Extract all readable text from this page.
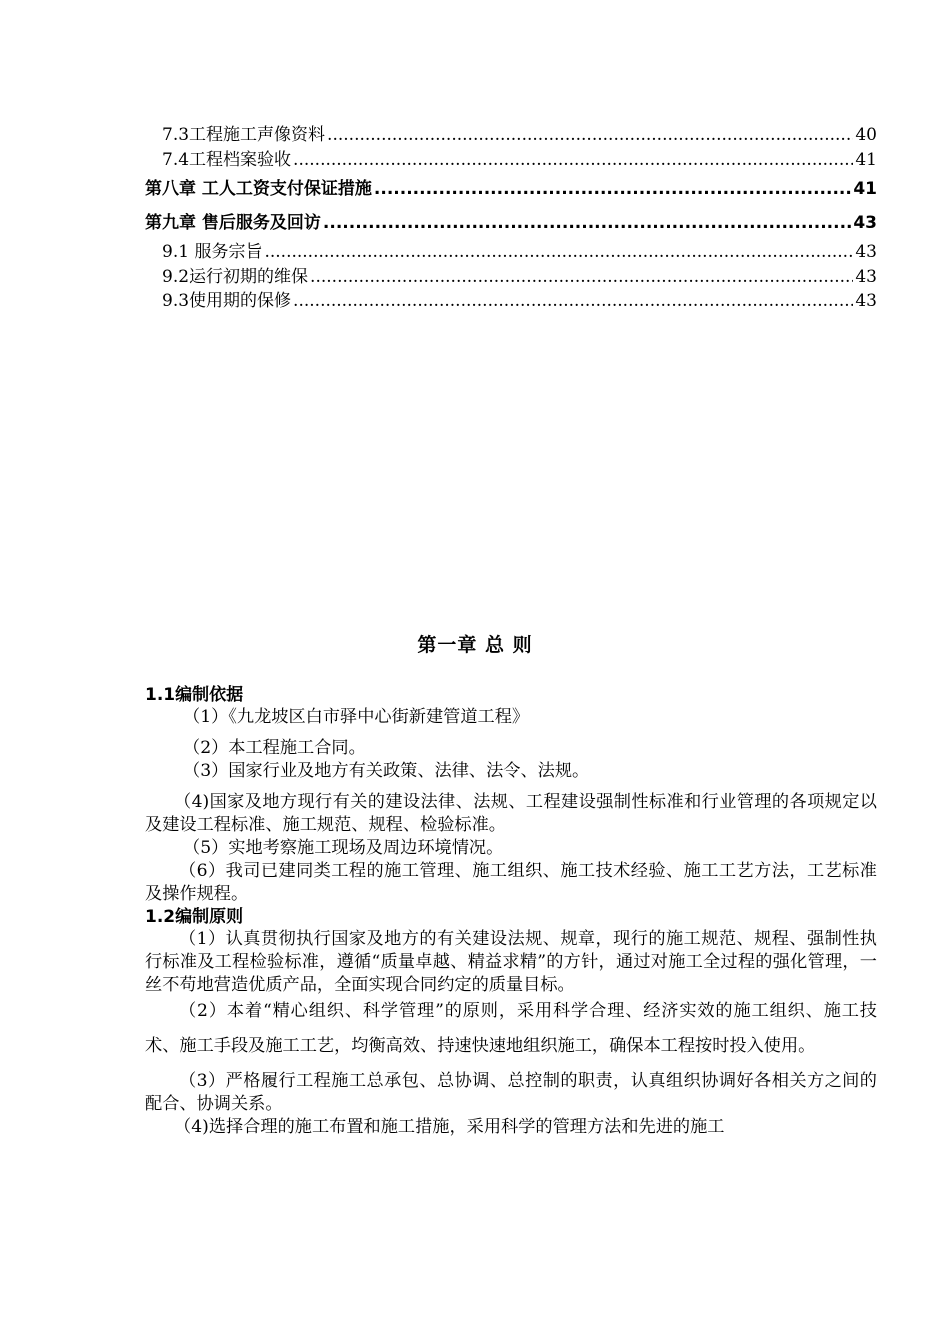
7.3工程施工声像资料 .....	40
7.4工程档案验收 .....	41
第八章 工人工资支付保证措施 .....	41
第九章 售后服务及回访 .....	43
9.1 服务宗旨 .....	43
9.2运行初期的维保 .....	43
9.3使用期的保修 .....	43
第一章 总 则
1.1编制依据

（1）《九龙坡区白市驿中心街新建管道工程》

（2）本工程施工合同。

（3）国家行业及地方有关政策、法律、法令、法规。

（4)国家及地方现行有关的建设法律、法规、工程建设强制性标准和行业管理的各项规定以及建设工程标准、施工规范、规程、检验标准。

（5）实地考察施工现场及周边环境情况。

（6）我司已建同类工程的施工管理、施工组织、施工技术经验、施工工艺方法，工艺标准及操作规程。

1.2编制原则

（1）认真贯彻执行国家及地方的有关建设法规、规章，现行的施工规范、规程、强制性执行标准及工程检验标准，遵循“质量卓越、精益求精”的方针，通过对施工全过程的强化管理，一丝不苟地营造优质产品，全面实现合同约定的质量目标。

（2）本着“精心组织、科学管理”的原则，采用科学合理、经济实效的施工组织、施工技术、施工手段及施工工艺，均衡高效、持速快速地组织施工，确保本工程按时投入使用。

（3）严格履行工程施工总承包、总协调、总控制的职责，认真组织协调好各相关方之间的配合、协调关系。

（4)选择合理的施工布置和施工措施，采用科学的管理方法和先进的施工
